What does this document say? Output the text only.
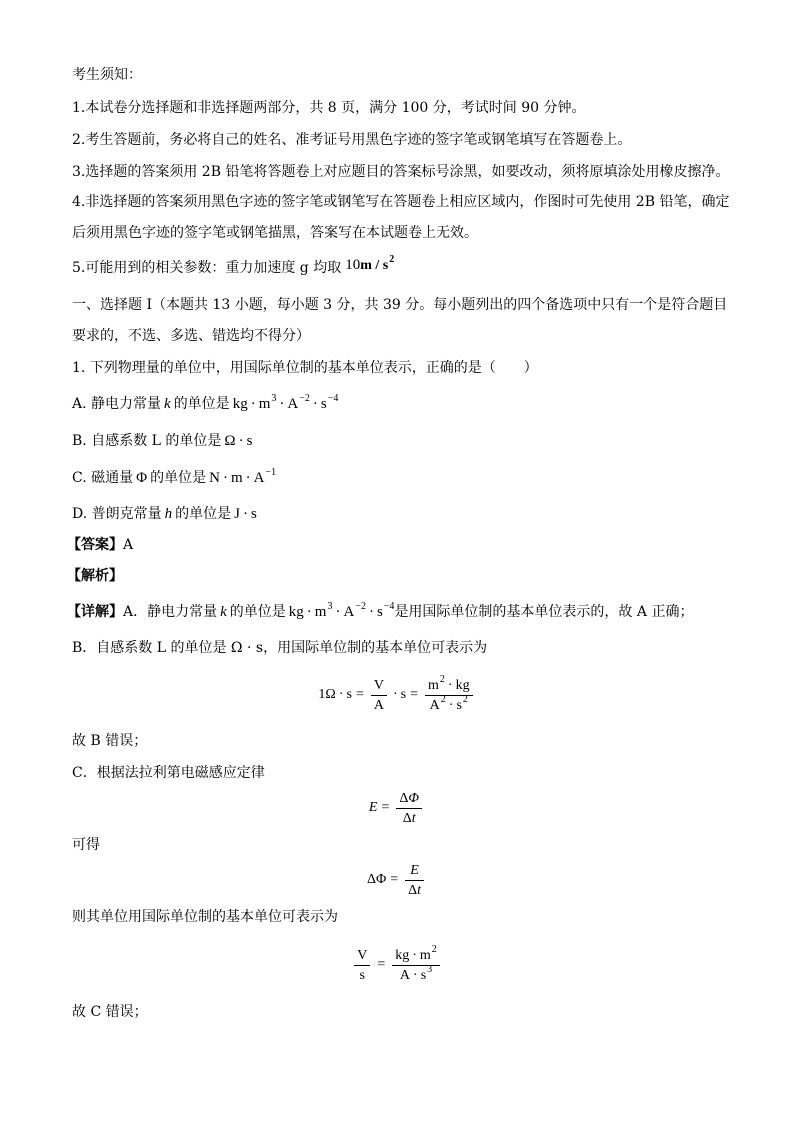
考生须知：
1.本试卷分选择题和非选择题两部分，共 8 页，满分 100 分，考试时间 90 分钟。
2.考生答题前，务必将自己的姓名、准考证号用黑色字迹的签字笔或钢笔填写在答题卷上。
3.选择题的答案须用 2B 铅笔将答题卷上对应题目的答案标号涂黑，如要改动，须将原填涂处用橡皮擦净。
4.非选择题的答案须用黑色字迹的签字笔或钢笔写在答题卷上相应区域内，作图时可先使用 2B 铅笔，确定
后须用黑色字迹的签字笔或钢笔描黑，答案写在本试题卷上无效。
5.可能用到的相关参数：重力加速度 g 均取 $10m / s^2$
一、选择题 I（本题共 13 小题，每小题 3 分，共 39 分。每小题列出的四个备选项中只有一个是符合题目
要求的，不选、多选、错选均不得分）
1. 下列物理量的单位中，用国际单位制的基本单位表示，正确的是（　　）
A. 静电力常量 k 的单位是 kg · $m^3 \cdot A^{-2} \cdot s^{-4}$
B. 自感系数 L 的单位是 Ω · s
C. 磁通量 Φ 的单位是 $N \cdot m \cdot A^{-1}$
D. 普朗克常量 h 的单位是 J · s
【答案】A
【解析】
【详解】A．静电力常量 k 的单位是 kg · $m^3 \cdot A^{-2} \cdot s^{-4}$是用国际单位制的基本单位表示的，故 A 正确；
B．自感系数 L 的单位是 Ω · s，用国际单位制的基本单位可表示为
$1\Omega \cdot s = \frac{V}{A} \cdot s = \frac{m^2 \cdot kg}{A^2 \cdot s^2}$
故 B 错误；
C．根据法拉利第电磁感应定律
$E = \frac{\Delta\Phi}{\Delta t}$
可得
$\Delta\Phi = \frac{E}{\Delta t}$
则其单位用国际单位制的基本单位可表示为
$\frac{V}{s} = \frac{kg \cdot m^2}{A \cdot s^3}$
故 C 错误；
